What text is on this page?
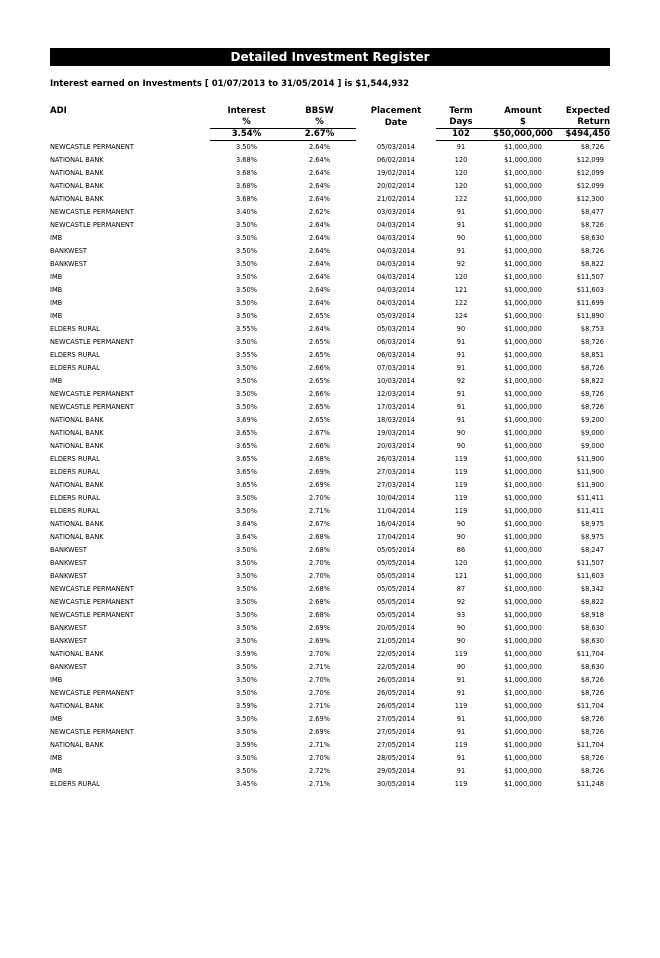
Detailed Investment Register
Interest earned on Investments [ 01/07/2013 to 31/05/2014 ] is $1,544,932
ADI	Interest	BBSW	Placement	Term	Amount	Expected
	%	%	Date	Days	$	Return
	3.54%	2.67%		102	$50,000,000	$494,450
NEWCASTLE PERMANENT	3.50%	2.64%	05/03/2014	91	$1,000,000	$8,726
NATIONAL BANK	3.68%	2.64%	06/02/2014	120	$1,000,000	$12,099
NATIONAL BANK	3.68%	2.64%	19/02/2014	120	$1,000,000	$12,099
NATIONAL BANK	3.68%	2.64%	20/02/2014	120	$1,000,000	$12,099
NATIONAL BANK	3.68%	2.64%	21/02/2014	122	$1,000,000	$12,300
NEWCASTLE PERMANENT	3.40%	2.62%	03/03/2014	91	$1,000,000	$8,477
NEWCASTLE PERMANENT	3.50%	2.64%	04/03/2014	91	$1,000,000	$8,726
IMB	3.50%	2.64%	04/03/2014	90	$1,000,000	$8,630
BANKWEST	3.50%	2.64%	04/03/2014	91	$1,000,000	$8,726
BANKWEST	3.50%	2.64%	04/03/2014	92	$1,000,000	$8,822
IMB	3.50%	2.64%	04/03/2014	120	$1,000,000	$11,507
IMB	3.50%	2.64%	04/03/2014	121	$1,000,000	$11,603
IMB	3.50%	2.64%	04/03/2014	122	$1,000,000	$11,699
IMB	3.50%	2.65%	05/03/2014	124	$1,000,000	$11,890
ELDERS RURAL	3.55%	2.64%	05/03/2014	90	$1,000,000	$8,753
NEWCASTLE PERMANENT	3.50%	2.65%	06/03/2014	91	$1,000,000	$8,726
ELDERS RURAL	3.55%	2.65%	06/03/2014	91	$1,000,000	$8,851
ELDERS RURAL	3.50%	2.66%	07/03/2014	91	$1,000,000	$8,726
IMB	3.50%	2.65%	10/03/2014	92	$1,000,000	$8,822
NEWCASTLE PERMANENT	3.50%	2.66%	12/03/2014	91	$1,000,000	$8,726
NEWCASTLE PERMANENT	3.50%	2.65%	17/03/2014	91	$1,000,000	$8,726
NATIONAL BANK	3.69%	2.65%	18/03/2014	91	$1,000,000	$9,200
NATIONAL BANK	3.65%	2.67%	19/03/2014	90	$1,000,000	$9,000
NATIONAL BANK	3.65%	2.66%	20/03/2014	90	$1,000,000	$9,000
ELDERS RURAL	3.65%	2.68%	26/03/2014	119	$1,000,000	$11,900
ELDERS RURAL	3.65%	2.69%	27/03/2014	119	$1,000,000	$11,900
NATIONAL BANK	3.65%	2.69%	27/03/2014	119	$1,000,000	$11,900
ELDERS RURAL	3.50%	2.70%	10/04/2014	119	$1,000,000	$11,411
ELDERS RURAL	3.50%	2.71%	11/04/2014	119	$1,000,000	$11,411
NATIONAL BANK	3.64%	2.67%	16/04/2014	90	$1,000,000	$8,975
NATIONAL BANK	3.64%	2.68%	17/04/2014	90	$1,000,000	$8,975
BANKWEST	3.50%	2.68%	05/05/2014	86	$1,000,000	$8,247
BANKWEST	3.50%	2.70%	05/05/2014	120	$1,000,000	$11,507
BANKWEST	3.50%	2.70%	05/05/2014	121	$1,000,000	$11,603
NEWCASTLE PERMANENT	3.50%	2.68%	05/05/2014	87	$1,000,000	$8,342
NEWCASTLE PERMANENT	3.50%	2.68%	05/05/2014	92	$1,000,000	$8,822
NEWCASTLE PERMANENT	3.50%	2.68%	05/05/2014	93	$1,000,000	$8,918
BANKWEST	3.50%	2.69%	20/05/2014	90	$1,000,000	$8,630
BANKWEST	3.50%	2.69%	21/05/2014	90	$1,000,000	$8,630
NATIONAL BANK	3.59%	2.70%	22/05/2014	119	$1,000,000	$11,704
BANKWEST	3.50%	2.71%	22/05/2014	90	$1,000,000	$8,630
IMB	3.50%	2.70%	26/05/2014	91	$1,000,000	$8,726
NEWCASTLE PERMANENT	3.50%	2.70%	26/05/2014	91	$1,000,000	$8,726
NATIONAL BANK	3.59%	2.71%	26/05/2014	119	$1,000,000	$11,704
IMB	3.50%	2.69%	27/05/2014	91	$1,000,000	$8,726
NEWCASTLE PERMANENT	3.50%	2.69%	27/05/2014	91	$1,000,000	$8,726
NATIONAL BANK	3.59%	2.71%	27/05/2014	119	$1,000,000	$11,704
IMB	3.50%	2.70%	28/05/2014	91	$1,000,000	$8,726
IMB	3.50%	2.72%	29/05/2014	91	$1,000,000	$8,726
ELDERS RURAL	3.45%	2.71%	30/05/2014	119	$1,000,000	$11,248
